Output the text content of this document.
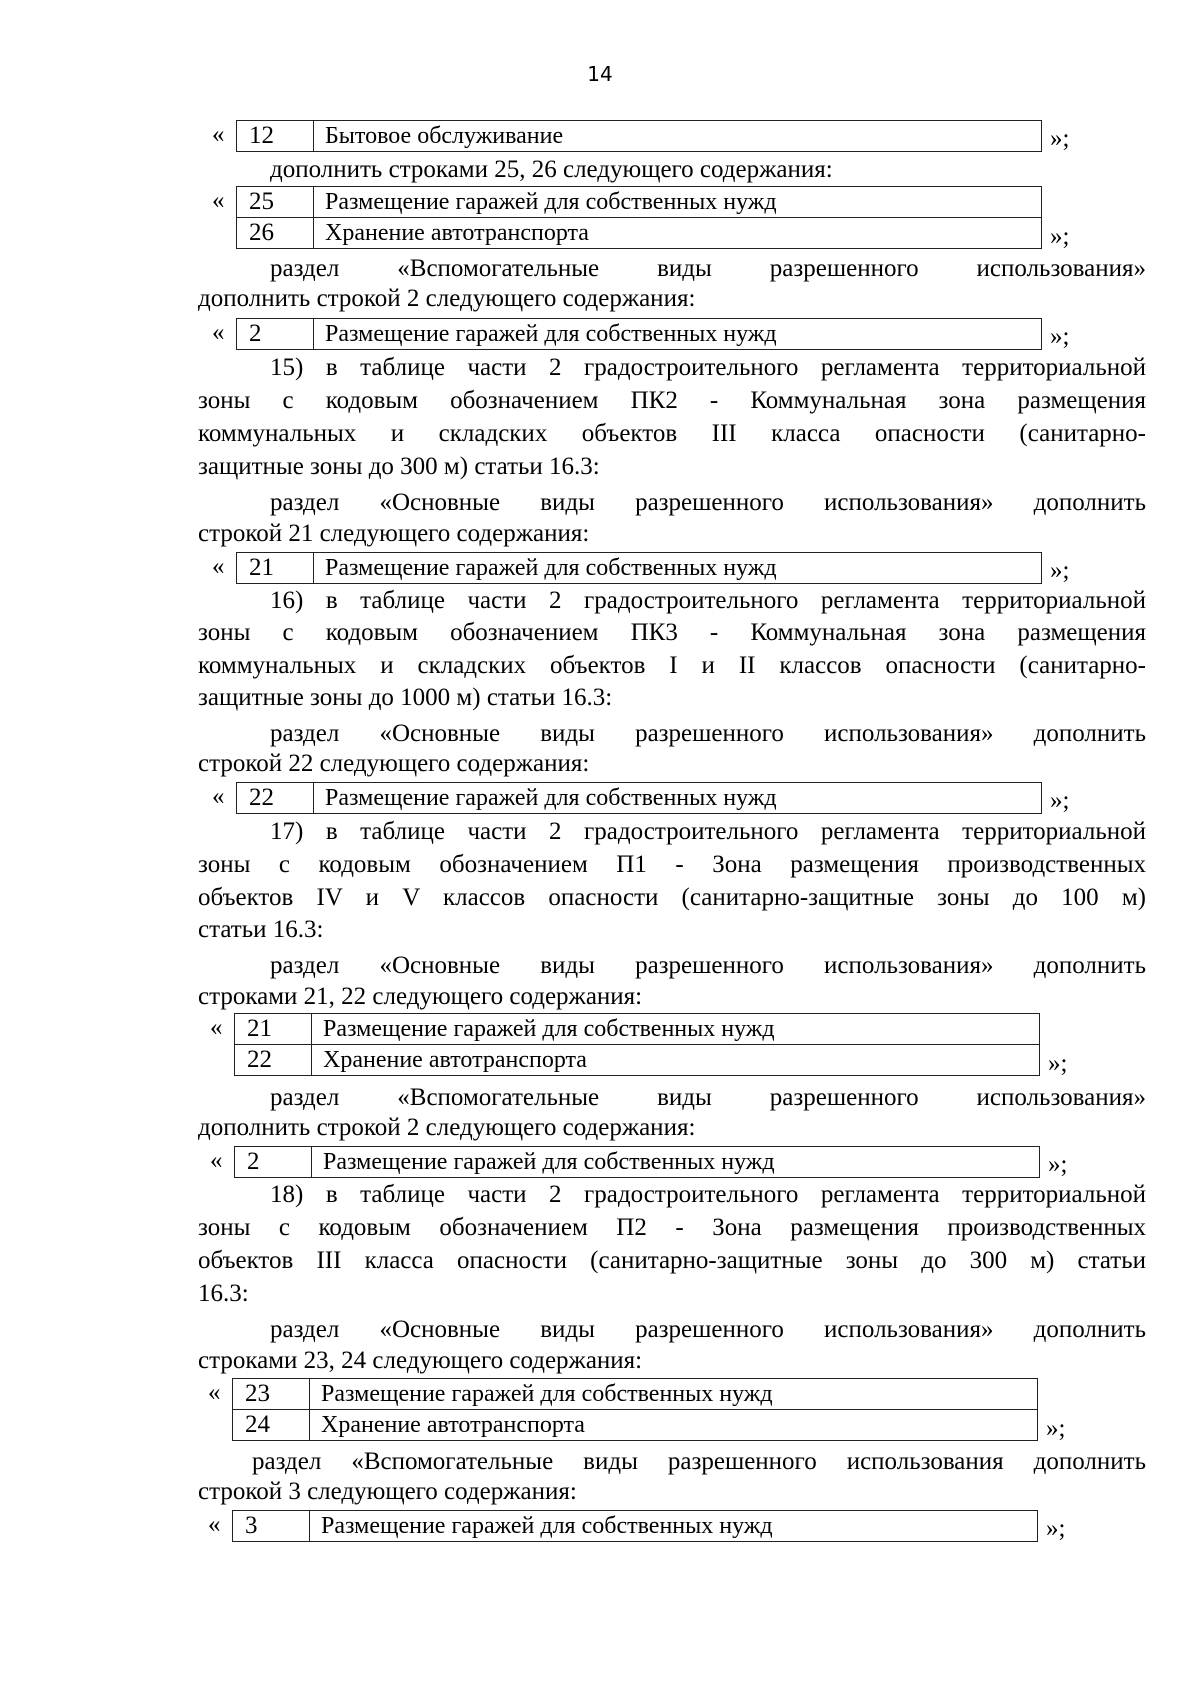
14
« 12	Бытовое обслуживание	»;
дополнить строками 25, 26 следующего содержания:
« 25	Размещение гаражей для собственных нужд
26	Хранение автотранспорта	»;
раздел «Вспомогательные виды разрешенного использования»
дополнить строкой 2 следующего содержания:
« 2	Размещение гаражей для собственных нужд	»;
15) в таблице части 2 градостроительного регламента территориальной
зоны с кодовым обозначением ПК2 - Коммунальная зона размещения
коммунальных и складских объектов III класса опасности (санитарно-
защитные зоны до 300 м) статьи 16.3:
раздел «Основные виды разрешенного использования» дополнить
строкой 21 следующего содержания:
« 21	Размещение гаражей для собственных нужд	»;
16) в таблице части 2 градостроительного регламента территориальной
зоны с кодовым обозначением ПК3 - Коммунальная зона размещения
коммунальных и складских объектов I и II классов опасности (санитарно-
защитные зоны до 1000 м) статьи 16.3:
раздел «Основные виды разрешенного использования» дополнить
строкой 22 следующего содержания:
« 22	Размещение гаражей для собственных нужд	»;
17) в таблице части 2 градостроительного регламента территориальной
зоны с кодовым обозначением П1 - Зона размещения производственных
объектов IV и V классов опасности (санитарно-защитные зоны до 100 м)
статьи 16.3:
раздел «Основные виды разрешенного использования» дополнить
строками 21, 22 следующего содержания:
« 21	Размещение гаражей для собственных нужд
22	Хранение автотранспорта	»;
раздел «Вспомогательные виды разрешенного использования»
дополнить строкой 2 следующего содержания:
« 2	Размещение гаражей для собственных нужд	»;
18) в таблице части 2 градостроительного регламента территориальной
зоны с кодовым обозначением П2 - Зона размещения производственных
объектов III класса опасности (санитарно-защитные зоны до 300 м) статьи
16.3:
раздел «Основные виды разрешенного использования» дополнить
строками 23, 24 следующего содержания:
« 23	Размещение гаражей для собственных нужд
24	Хранение автотранспорта	»;
раздел «Вспомогательные виды разрешенного использования дополнить
строкой 3 следующего содержания:
« 3	Размещение гаражей для собственных нужд	»;
